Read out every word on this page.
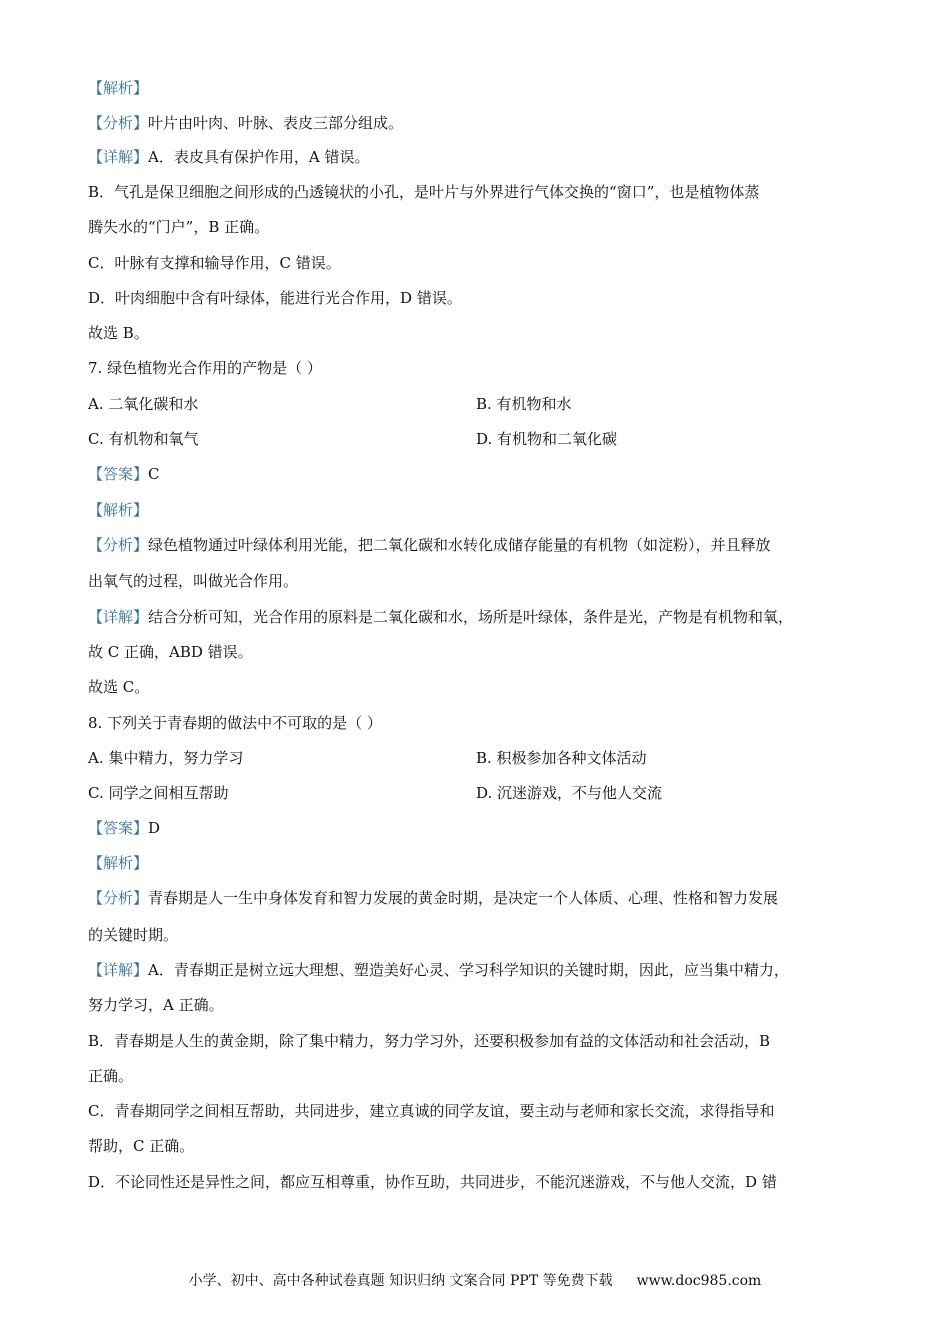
【解析】
【分析】叶片由叶肉、叶脉、表皮三部分组成。
【详解】A．表皮具有保护作用，A 错误。
B．气孔是保卫细胞之间形成的凸透镜状的小孔，是叶片与外界进行气体交换的“窗口”，也是植物体蒸
腾失水的“门户”，B 正确。
C．叶脉有支撑和输导作用，C 错误。
D．叶肉细胞中含有叶绿体，能进行光合作用，D 错误。
故选 B。
7. 绿色植物光合作用的产物是（ ）
A. 二氧化碳和水	B. 有机物和水
C. 有机物和氧气	D. 有机物和二氧化碳
【答案】C
【解析】
【分析】绿色植物通过叶绿体利用光能，把二氧化碳和水转化成储存能量的有机物（如淀粉），并且释放
出氧气的过程，叫做光合作用。
【详解】结合分析可知，光合作用的原料是二氧化碳和水，场所是叶绿体，条件是光，产物是有机物和氧，
故 C 正确，ABD 错误。
故选 C。
8. 下列关于青春期的做法中不可取的是（ ）
A. 集中精力，努力学习	B. 积极参加各种文体活动
C. 同学之间相互帮助	D. 沉迷游戏，不与他人交流
【答案】D
【解析】
【分析】青春期是人一生中身体发育和智力发展的黄金时期，是决定一个人体质、心理、性格和智力发展
的关键时期。
【详解】A．青春期正是树立远大理想、塑造美好心灵、学习科学知识的关键时期，因此，应当集中精力，
努力学习，A 正确。
B．青春期是人生的黄金期，除了集中精力，努力学习外，还要积极参加有益的文体活动和社会活动，B
正确。
C．青春期同学之间相互帮助，共同进步，建立真诚的同学友谊，要主动与老师和家长交流，求得指导和
帮助，C 正确。
D．不论同性还是异性之间，都应互相尊重，协作互助，共同进步，不能沉迷游戏，不与他人交流，D 错
小学、初中、高中各种试卷真题 知识归纳 文案合同 PPT 等免费下载 www.doc985.com
